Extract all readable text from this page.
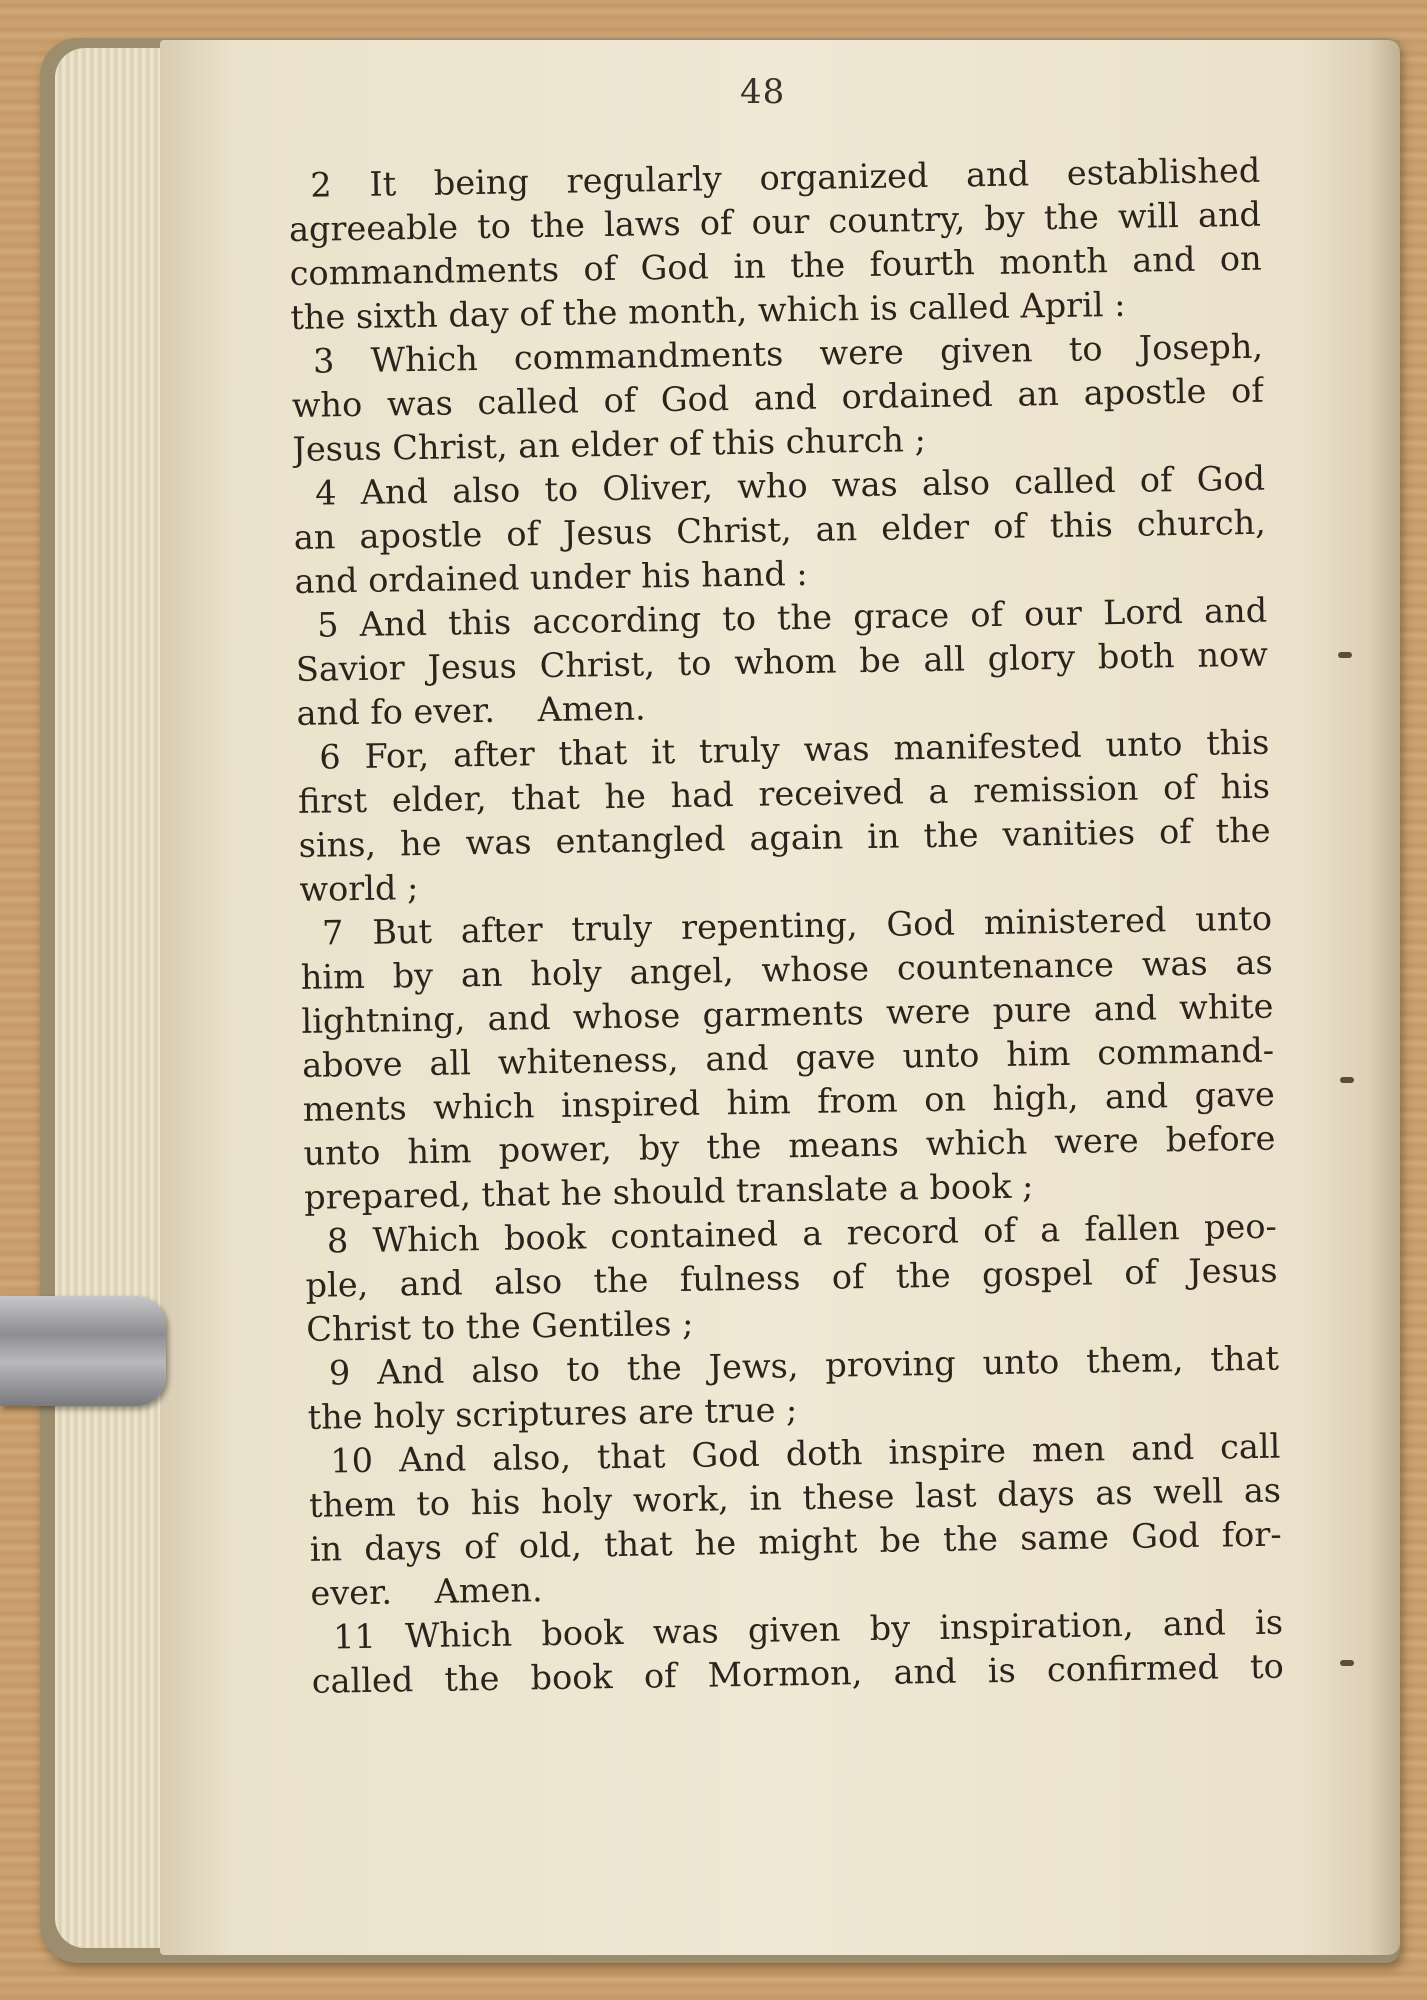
48
2 It being regularly organized and established
agreeable to the laws of our country, by the will and
commandments of God in the fourth month and on
the sixth day of the month, which is called April :
3 Which commandments were given to Joseph,
who was called of God and ordained an apostle of
Jesus Christ, an elder of this church ;
4 And also to Oliver, who was also called of God
an apostle of Jesus Christ, an elder of this church,
and ordained under his hand :
5 And this according to the grace of our Lord and
Savior Jesus Christ, to whom be all glory both now
and fo ever.    Amen.
6 For, after that it truly was manifested unto this
first elder, that he had received a remission of his
sins, he was entangled again in the vanities of the
world ;
7 But after truly repenting, God ministered unto
him by an holy angel, whose countenance was as
lightning, and whose garments were pure and white
above all whiteness, and gave unto him command-
ments which inspired him from on high, and gave
unto him power, by the means which were before
prepared, that he should translate a book ;
8 Which book contained a record of a fallen peo-
ple, and also the fulness of the gospel of Jesus
Christ to the Gentiles ;
9 And also to the Jews, proving unto them, that
the holy scriptures are true ;
10 And also, that God doth inspire men and call
them to his holy work, in these last days as well as
in days of old, that he might be the same God for-
ever.    Amen.
11 Which book was given by inspiration, and is
called the book of Mormon, and is confirmed to
